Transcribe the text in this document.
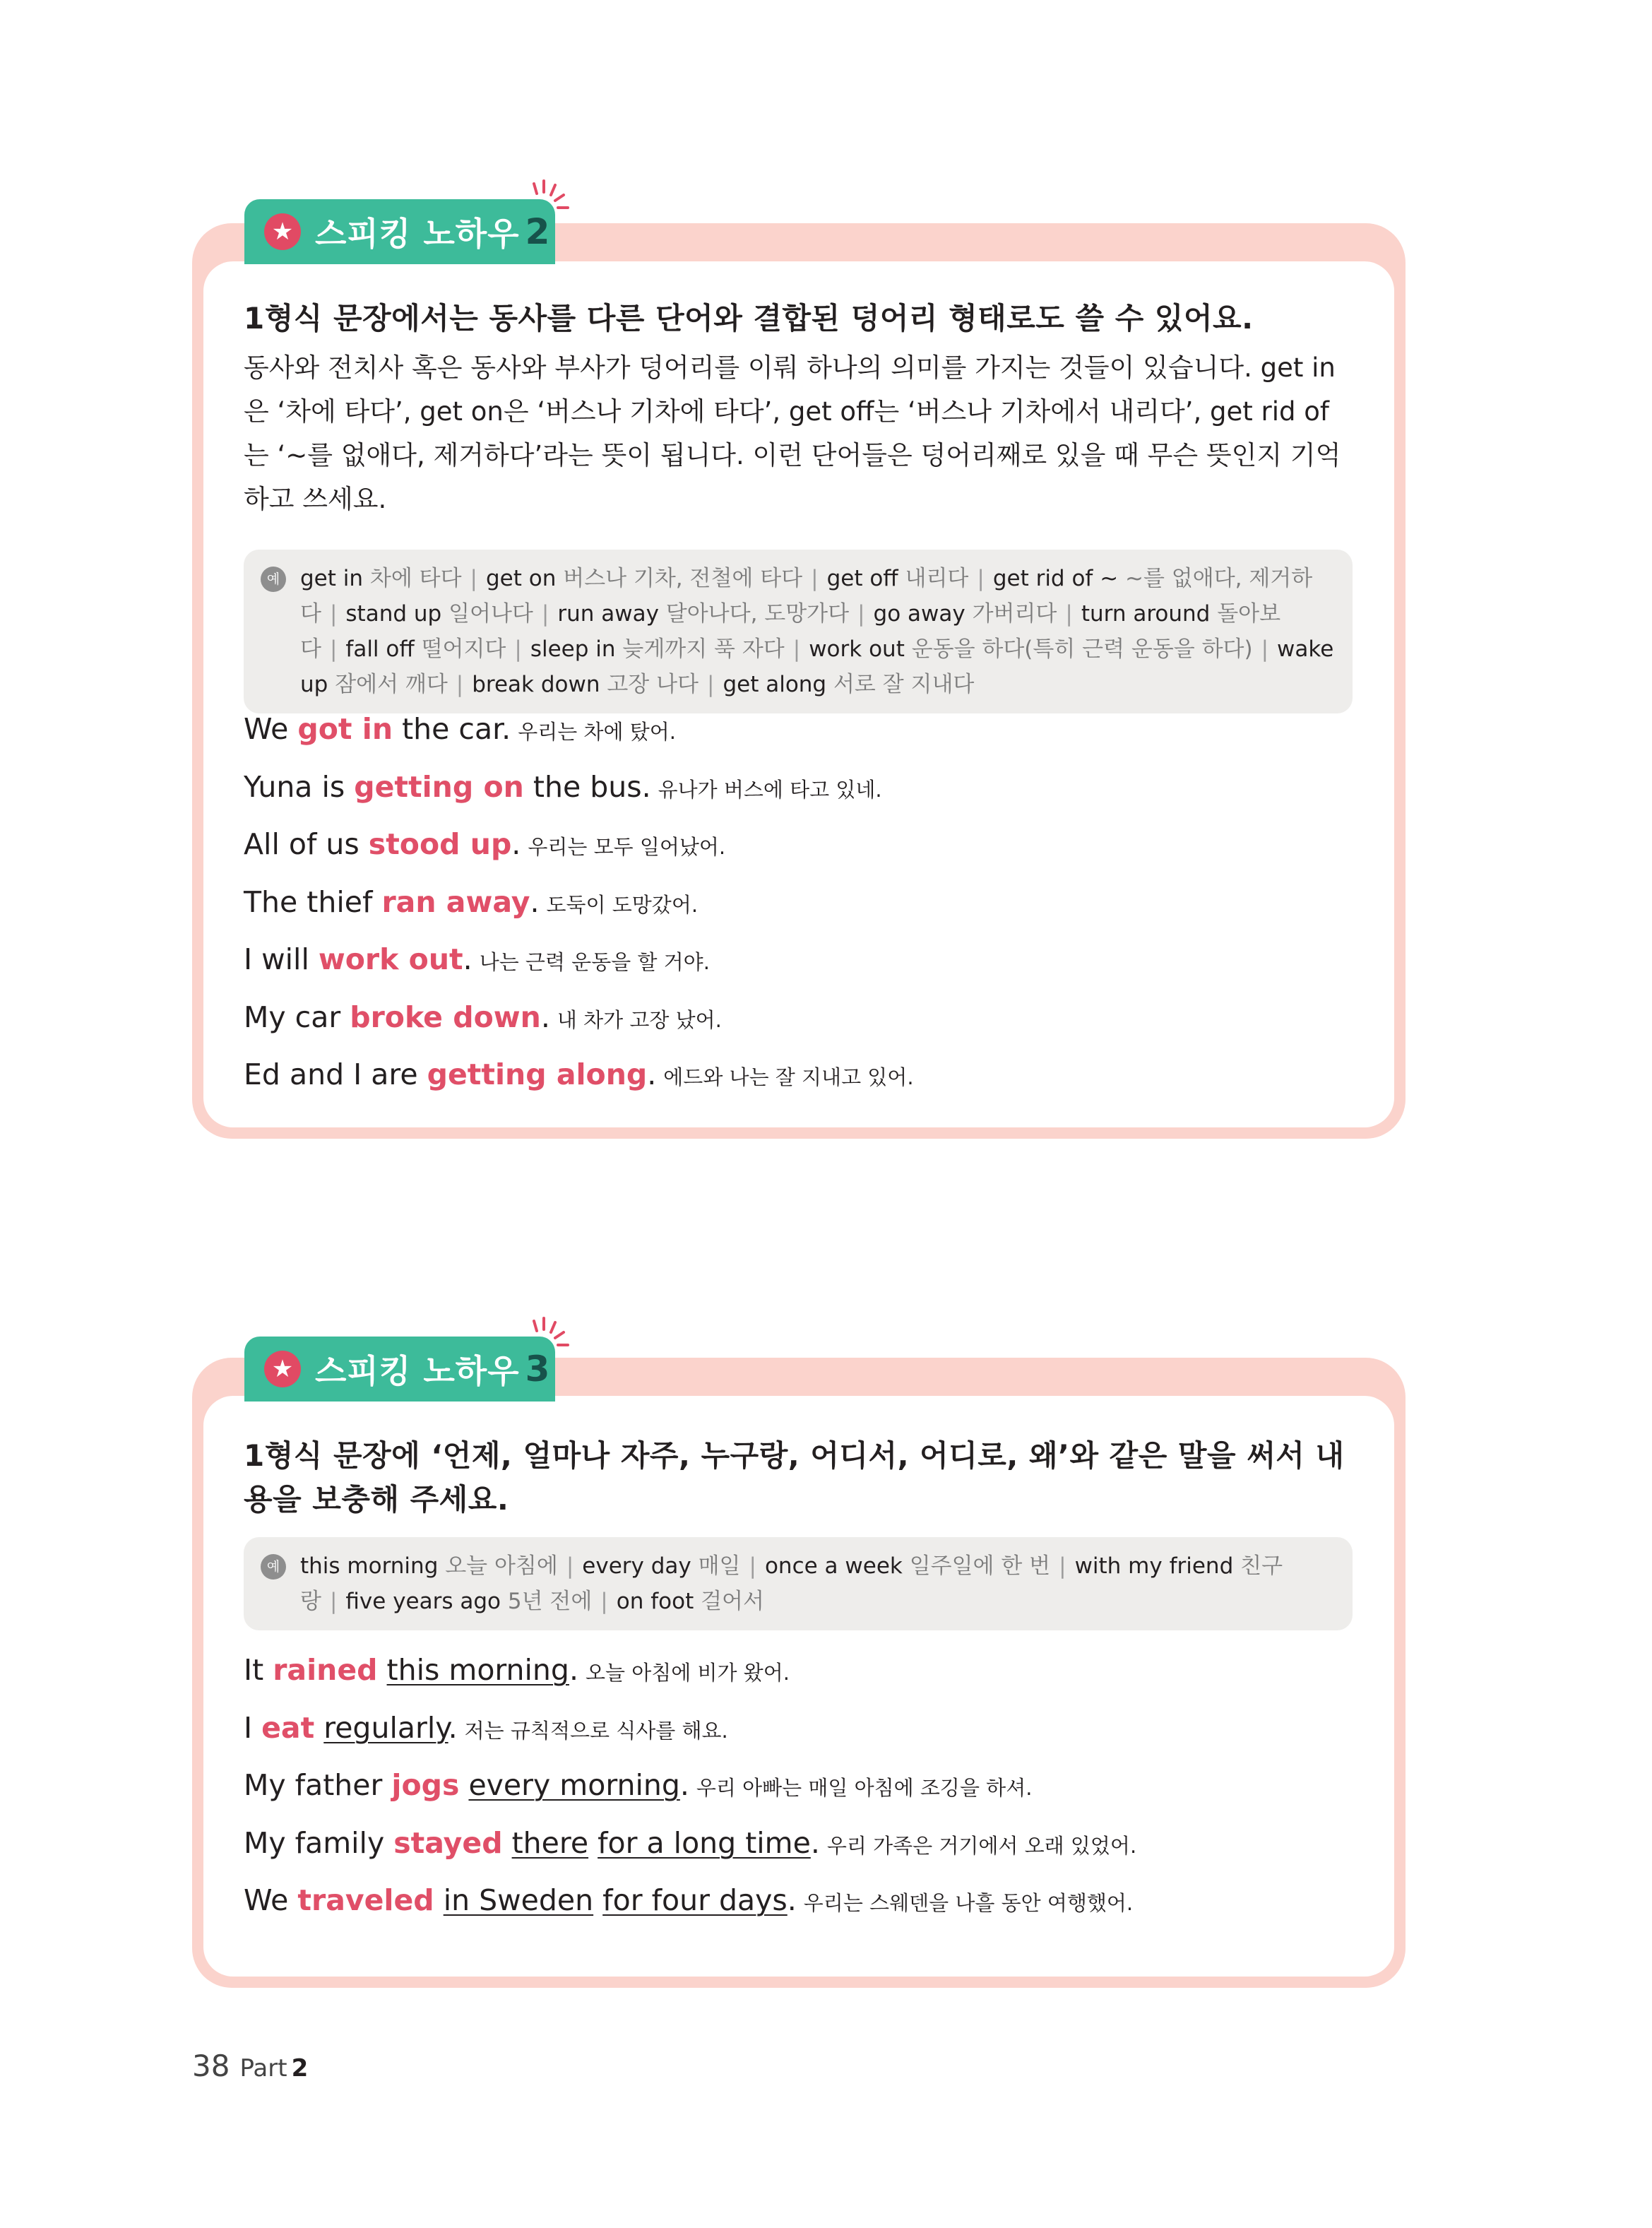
★ 스피킹 노하우 2

1형식 문장에서는 동사를 다른 단어와 결합된 덩어리 형태로도 쓸 수 있어요.

동사와 전치사 혹은 동사와 부사가 덩어리를 이뤄 하나의 의미를 가지는 것들이 있습니다. get in은 ‘차에 타다’, get on은 ‘버스나 기차에 타다’, get off는 ‘버스나 기차에서 내리다’, get rid of는 ‘~를 없애다, 제거하다’라는 뜻이 됩니다. 이런 단어들은 덩어리째로 있을 때 무슨 뜻인지 기억하고 쓰세요.

예 get in 차에 타다 | get on 버스나 기차, 전철에 타다 | get off 내리다 | get rid of ~ ~를 없애다, 제거하다 | stand up 일어나다 | run away 달아나다, 도망가다 | go away 가버리다 | turn around 돌아보다 | fall off 떨어지다 | sleep in 늦게까지 푹 자다 | work out 운동을 하다(특히 근력 운동을 하다) | wake up 잠에서 깨다 | break down 고장 나다 | get along 서로 잘 지내다
We got in the car. 우리는 차에 탔어.
Yuna is getting on the bus. 유나가 버스에 타고 있네.
All of us stood up. 우리는 모두 일어났어.
The thief ran away. 도둑이 도망갔어.
I will work out. 나는 근력 운동을 할 거야.
My car broke down. 내 차가 고장 났어.
Ed and I are getting along. 에드와 나는 잘 지내고 있어.
★ 스피킹 노하우 3

1형식 문장에 ‘언제, 얼마나 자주, 누구랑, 어디서, 어디로, 왜’와 같은 말을 써서 내용을 보충해 주세요.

예 this morning 오늘 아침에 | every day 매일 | once a week 일주일에 한 번 | with my friend 친구랑 | five years ago 5년 전에 | on foot 걸어서
It rained this morning. 오늘 아침에 비가 왔어.
I eat regularly. 저는 규칙적으로 식사를 해요.
My father jogs every morning. 우리 아빠는 매일 아침에 조깅을 하셔.
My family stayed there for a long time. 우리 가족은 거기에서 오래 있었어.
We traveled in Sweden for four days. 우리는 스웨덴을 나흘 동안 여행했어.
38 Part 2
